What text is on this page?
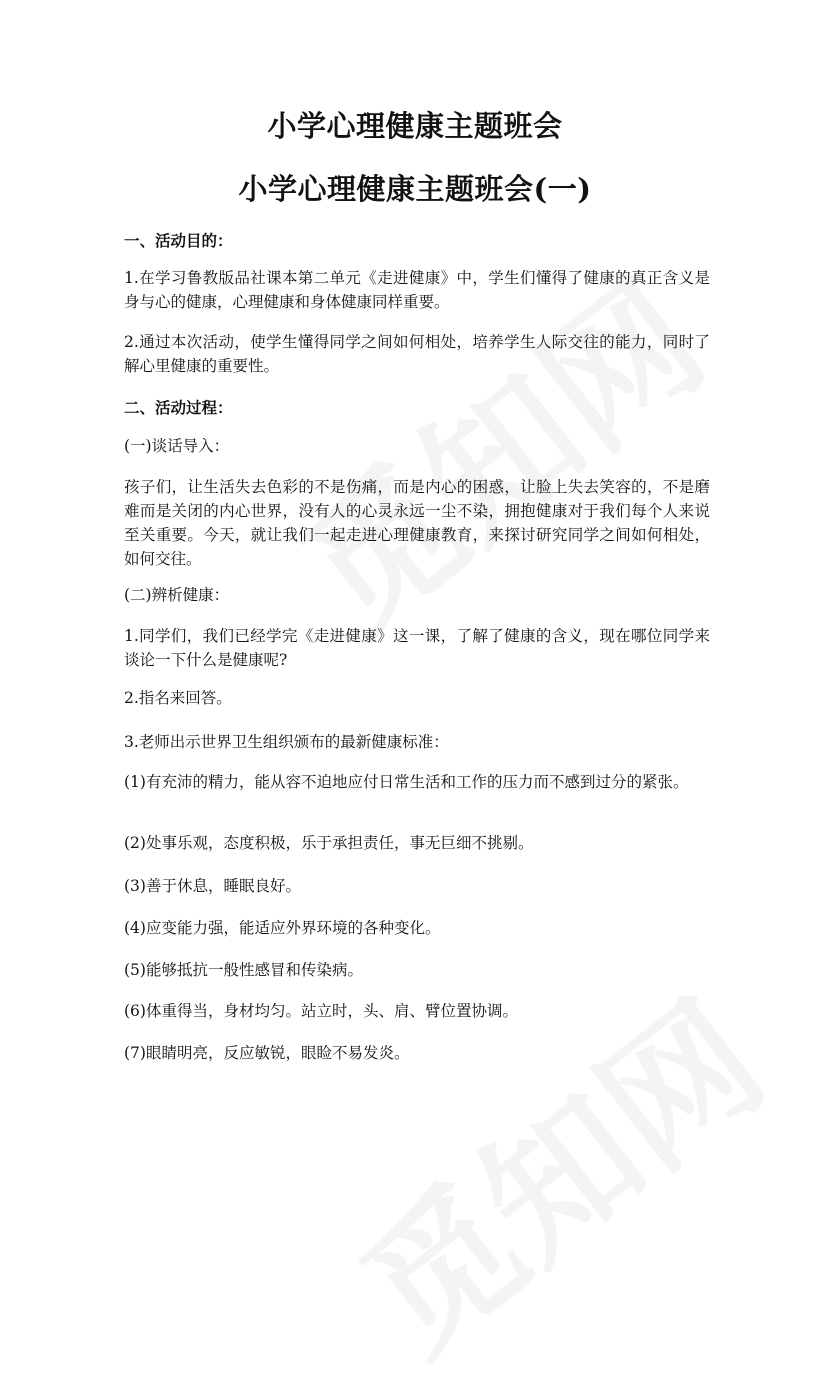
小学心理健康主题班会
小学心理健康主题班会(一)

一、活动目的：

1.在学习鲁教版品社课本第二单元《走进健康》中，学生们懂得了健康的真正含义是身与心的健康，心理健康和身体健康同样重要。

2.通过本次活动，使学生懂得同学之间如何相处，培养学生人际交往的能力，同时了解心里健康的重要性。

二、活动过程：

(一)谈话导入：

孩子们，让生活失去色彩的不是伤痛，而是内心的困惑，让脸上失去笑容的，不是磨难而是关闭的内心世界，没有人的心灵永远一尘不染，拥抱健康对于我们每个人来说至关重要。今天，就让我们一起走进心理健康教育，来探讨研究同学之间如何相处，如何交往。

(二)辨析健康：

1.同学们，我们已经学完《走进健康》这一课，了解了健康的含义，现在哪位同学来谈论一下什么是健康呢?

2.指名来回答。

3.老师出示世界卫生组织颁布的最新健康标准：

(1)有充沛的精力，能从容不迫地应付日常生活和工作的压力而不感到过分的紧张。

(2)处事乐观，态度积极，乐于承担责任，事无巨细不挑剔。

(3)善于休息，睡眠良好。

(4)应变能力强，能适应外界环境的各种变化。

(5)能够抵抗一般性感冒和传染病。

(6)体重得当，身材均匀。站立时，头、肩、臂位置协调。

(7)眼睛明亮，反应敏锐，眼睑不易发炎。
